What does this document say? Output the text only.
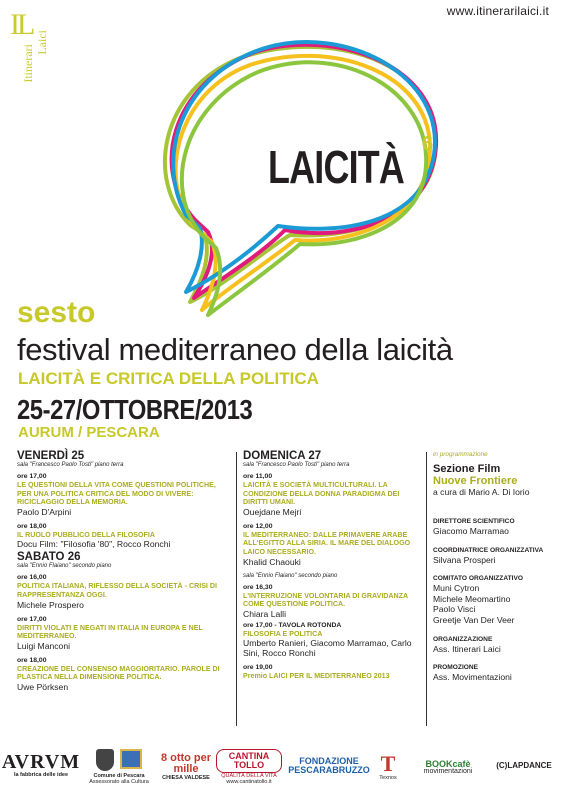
IL
Laici
Itinerari
www.itinerarilaici.it
LAICITÀ 6
sesto
festival mediterraneo della laicità
LAICITÀ E CRITICA DELLA POLITICA
25-27/OTTOBRE/2013
AURUM / PESCARA
VENERDÌ 25
sala "Francesco Paolo Tosti" piano terra
ore 17,00
LE QUESTIONI DELLA VITA COME QUESTIONI POLITICHE, PER UNA POLITICA CRITICA DEL MODO DI VIVERE: RICICLAGGIO DELLA MEMORIA.
Paolo D'Arpini
ore 18,00
IL RUOLO PUBBLICO DELLA FILOSOFIA
Docu Film: "Filosofia '80", Rocco Ronchi
SABATO 26
sala "Ennio Flaiano" secondo piano
ore 16,00
POLITICA ITALIANA, RIFLESSO DELLA SOCIETÀ - CRISI DI RAPPRESENTANZA OGGI.
Michele Prospero
ore 17,00
DIRITTI VIOLATI E NEGATI IN ITALIA IN EUROPA E NEL MEDITERRANEO.
Luigi Manconi
ore 18,00
CREAZIONE DEL CONSENSO MAGGIORITARIO. PAROLE DI PLASTICA NELLA DIMENSIONE POLITICA.
Uwe Pörksen
DOMENICA 27
sala "Francesco Paolo Tosti" piano terra
ore 11,00
LAICITÀ E SOCIETÀ MULTICULTURALI. LA CONDIZIONE DELLA DONNA PARADIGMA DEI DIRITTI UMANI.
Ouejdane Mejri
ore 12,00
IL MEDITERRANEO: DALLE PRIMAVERE ARABE ALL'EGITTO ALLA SIRIA. IL MARE DEL DIALOGO LAICO NECESSARIO.
Khalid Chaouki
sala "Ennio Flaiano" secondo piano
ore 16,30
L'INTERRUZIONE VOLONTARIA DI GRAVIDANZA COME QUESTIONE POLITICA.
Chiara Lalli
ore 17,00 - TAVOLA ROTONDA
FILOSOFIA E POLITICA
Umberto Ranieri, Giacomo Marramao, Carlo Sini, Rocco Ronchi
ore 19,00
Premio LAICI PER IL MEDITERRANEO 2013
in programmazione
Sezione Film
Nuove Frontiere
a cura di Mario A. Di Iorio
DIRETTORE SCIENTIFICO
Giacomo Marramao
COORDINATRICE ORGANIZZATIVA
Silvana Prosperi
COMITATO ORGANIZZATIVO
Muni Cytron
Michele Meomartino
Paolo Visci
Greetje Van Der Veer
ORGANIZZAZIONE
Ass. Itinerari Laici
PROMOZIONE
Ass. Movimentazioni
AVRVM
la fabbrica delle idee	Comune di Pescara
Assessorato alla Cultura
8 otto per mille
CHIESA VALDESE
CANTINA TOLLO
QUALITÀ DELLA VITA
www.cantinatollo.it
FONDAZIONE
PESCARABRUZZO T
Texnos
BOOKcafè
movimentazioni
(C)LAPDANCE
